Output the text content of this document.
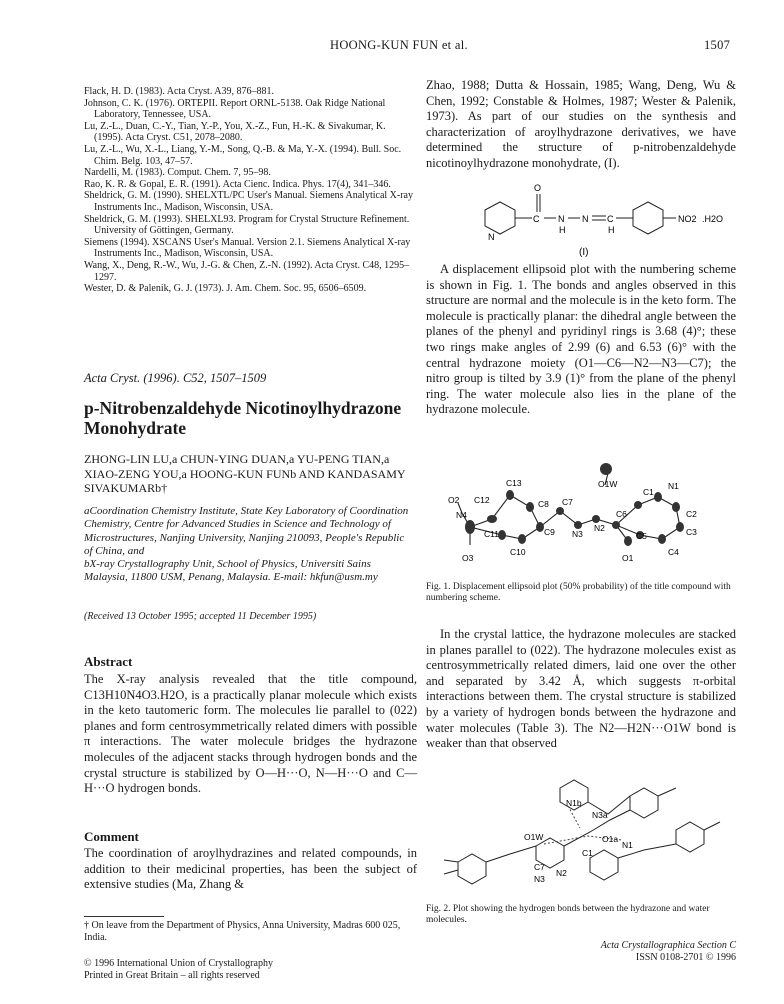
HOONG-KUN FUN et al.	1507

Flack, H. D. (1983). Acta Cryst. A39, 876–881.

Johnson, C. K. (1976). ORTEPII. Report ORNL-5138. Oak Ridge National Laboratory, Tennessee, USA.

Lu, Z.-L., Duan, C.-Y., Tian, Y.-P., You, X.-Z., Fun, H.-K. & Sivakumar, K. (1995). Acta Cryst. C51, 2078–2080.

Lu, Z.-L., Wu, X.-L., Liang, Y.-M., Song, Q.-B. & Ma, Y.-X. (1994). Bull. Soc. Chim. Belg. 103, 47–57.

Nardelli, M. (1983). Comput. Chem. 7, 95–98.

Rao, K. R. & Gopal, E. R. (1991). Acta Cienc. Indica. Phys. 17(4), 341–346.

Sheldrick, G. M. (1990). SHELXTL/PC User's Manual. Siemens Analytical X-ray Instruments Inc., Madison, Wisconsin, USA.

Sheldrick, G. M. (1993). SHELXL93. Program for Crystal Structure Refinement. University of Göttingen, Germany.

Siemens (1994). XSCANS User's Manual. Version 2.1. Siemens Analytical X-ray Instruments Inc., Madison, Wisconsin, USA.

Wang, X., Deng, R.-W., Wu, J.-G. & Chen, Z.-N. (1992). Acta Cryst. C48, 1295–1297.

Wester, D. & Palenik, G. J. (1973). J. Am. Chem. Soc. 95, 6506–6509.

Acta Cryst. (1996). C52, 1507–1509
p-Nitrobenzaldehyde Nicotinoylhydrazone Monohydrate
ZHONG-LIN LU,a CHUN-YING DUAN,a YU-PENG TIAN,a XIAO-ZENG YOU,a HOONG-KUN FUNb AND KANDASAMY SIVAKUMARb†
aCoordination Chemistry Institute, State Key Laboratory of Coordination Chemistry, Centre for Advanced Studies in Science and Technology of Microstructures, Nanjing University, Nanjing 210093, People's Republic of China, and
bX-ray Crystallography Unit, School of Physics, Universiti Sains Malaysia, 11800 USM, Penang, Malaysia. E-mail: hkfun@usm.my
(Received 13 October 1995; accepted 11 December 1995)
Abstract
The X-ray analysis revealed that the title compound, C13H10N4O3.H2O, is a practically planar molecule which exists in the keto tautomeric form. The molecules lie parallel to (022) planes and form centrosymmetrically related dimers with possible π interactions. The water molecule bridges the hydrazone molecules of the adjacent stacks through hydrogen bonds and the crystal structure is stabilized by O—H···O, N—H···O and C—H···O hydrogen bonds.
Comment
The coordination of aroylhydrazines and related compounds, in addition to their medicinal properties, has been the subject of extensive studies (Ma, Zhang &
† On leave from the Department of Physics, Anna University, Madras 600 025, India.
© 1996 International Union of Crystallography
Printed in Great Britain – all rights reserved
Zhao, 1988; Dutta & Hossain, 1985; Wang, Deng, Wu & Chen, 1992; Constable & Holmes, 1987; Wester & Palenik, 1973). As part of our studies on the synthesis and characterization of aroylhydrazone derivatives, we have determined the structure of p-nitrobenzaldehyde nicotinoylhydrazone monohydrate, (I).
O
N
C N
H
N C
H
NO2 .H2O
(I)
A displacement ellipsoid plot with the numbering scheme is shown in Fig. 1. The bonds and angles observed in this structure are normal and the molecule is in the keto form. The molecule is practically planar: the dihedral angle between the planes of the phenyl and pyridinyl rings is 3.68 (4)°; these two rings make angles of 2.99 (6) and 6.53 (6)° with the central hydrazone moiety (O1—C6—N2—N3—C7); the nitro group is tilted by 3.9 (1)° from the plane of the phenyl ring. The water molecule also lies in the plane of the hydrazone molecule.
O1W
C13	N1
C1
O2 C12	C8 C7
N4	C2
C11	C9 N3
N2
C6
C5	C3
C10	C4
O3	O1
Fig. 1. Displacement ellipsoid plot (50% probability) of the title compound with numbering scheme.
In the crystal lattice, the hydrazone molecules are stacked in planes parallel to (022). The hydrazone molecules exist as centrosymmetrically related dimers, laid one over the other and separated by 3.42 Å, which suggests π-orbital interactions between them. The crystal structure is stabilized by a variety of hydrogen bonds between the hydrazone and water molecules (Table 3). The N2—H2N···O1W bond is weaker than that observed
N1b
N3a
O1W	O1a
N1
C1
C7
N3
N2
Fig. 2. Plot showing the hydrogen bonds between the hydrazone and water molecules.
Acta Crystallographica Section C
ISSN 0108-2701 © 1996
